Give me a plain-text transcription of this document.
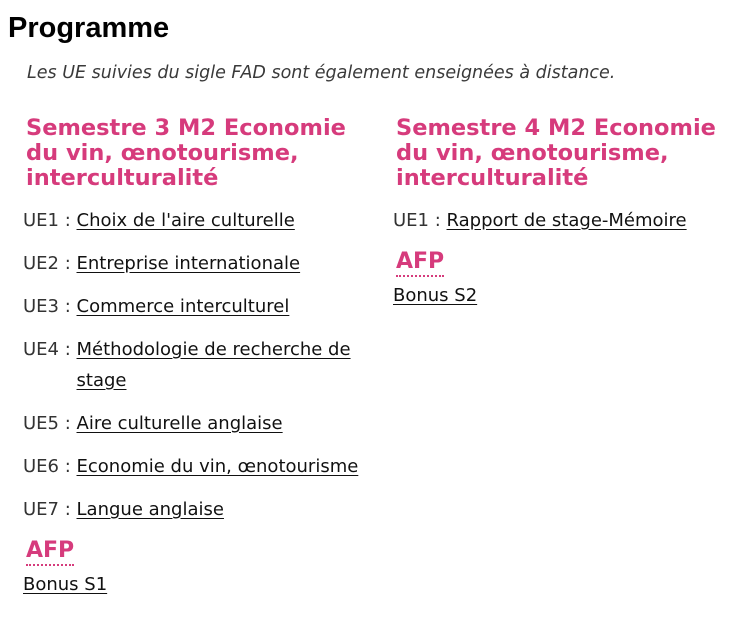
Programme

Les UE suivies du sigle FAD sont également enseignées à distance.

Semestre 3 M2 Economie du vin, œnotourisme, interculturalité
UE1 : Choix de l'aire culturelle
UE2 : Entreprise internationale
UE3 : Commerce interculturel
UE4 : Méthodologie de recherche de stage
UE5 : Aire culturelle anglaise
UE6 : Economie du vin, œnotourisme
UE7 : Langue anglaise
AFP
Bonus S1
Semestre 4 M2 Economie du vin, œnotourisme, interculturalité
UE1 : Rapport de stage-Mémoire
AFP
Bonus S2
